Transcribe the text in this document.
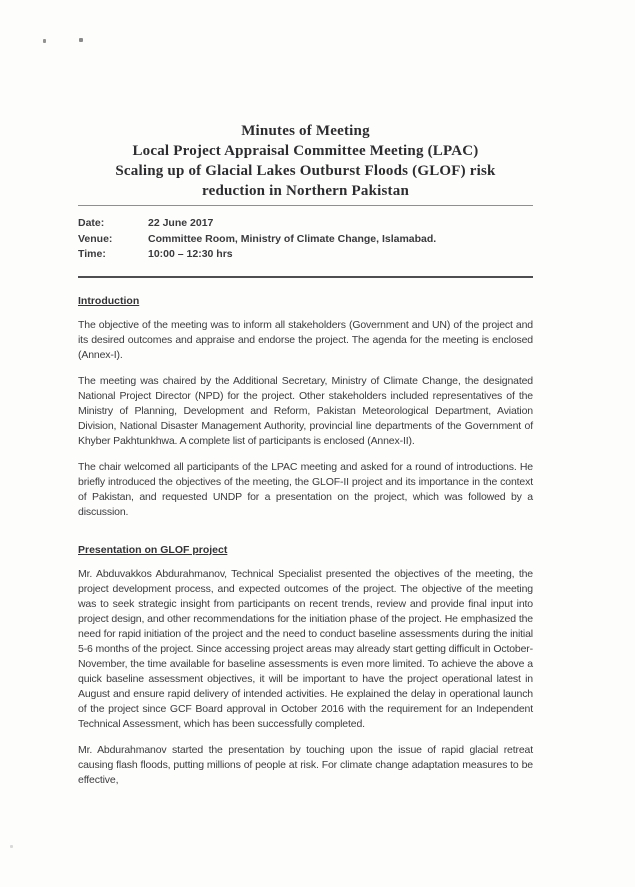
Minutes of Meeting
Local Project Appraisal Committee Meeting (LPAC)
Scaling up of Glacial Lakes Outburst Floods (GLOF) risk
reduction in Northern Pakistan
Date:	22 June 2017
Venue:	Committee Room, Ministry of Climate Change, Islamabad.
Time:	10:00 – 12:30 hrs
Introduction

The objective of the meeting was to inform all stakeholders (Government and UN) of the project and its desired outcomes and appraise and endorse the project. The agenda for the meeting is enclosed (Annex-I).

The meeting was chaired by the Additional Secretary, Ministry of Climate Change, the designated National Project Director (NPD) for the project. Other stakeholders included representatives of the Ministry of Planning, Development and Reform, Pakistan Meteorological Department, Aviation Division, National Disaster Management Authority, provincial line departments of the Government of Khyber Pakhtunkhwa. A complete list of participants is enclosed (Annex-II).

The chair welcomed all participants of the LPAC meeting and asked for a round of introductions. He briefly introduced the objectives of the meeting, the GLOF-II project and its importance in the context of Pakistan, and requested UNDP for a presentation on the project, which was followed by a discussion.

Presentation on GLOF project

Mr. Abduvakkos Abdurahmanov, Technical Specialist presented the objectives of the meeting, the project development process, and expected outcomes of the project. The objective of the meeting was to seek strategic insight from participants on recent trends, review and provide final input into project design, and other recommendations for the initiation phase of the project. He emphasized the need for rapid initiation of the project and the need to conduct baseline assessments during the initial 5-6 months of the project. Since accessing project areas may already start getting difficult in October-November, the time available for baseline assessments is even more limited. To achieve the above a quick baseline assessment objectives, it will be important to have the project operational latest in August and ensure rapid delivery of intended activities. He explained the delay in operational launch of the project since GCF Board approval in October 2016 with the requirement for an Independent Technical Assessment, which has been successfully completed.

Mr. Abdurahmanov started the presentation by touching upon the issue of rapid glacial retreat causing flash floods, putting millions of people at risk. For climate change adaptation measures to be effective,
